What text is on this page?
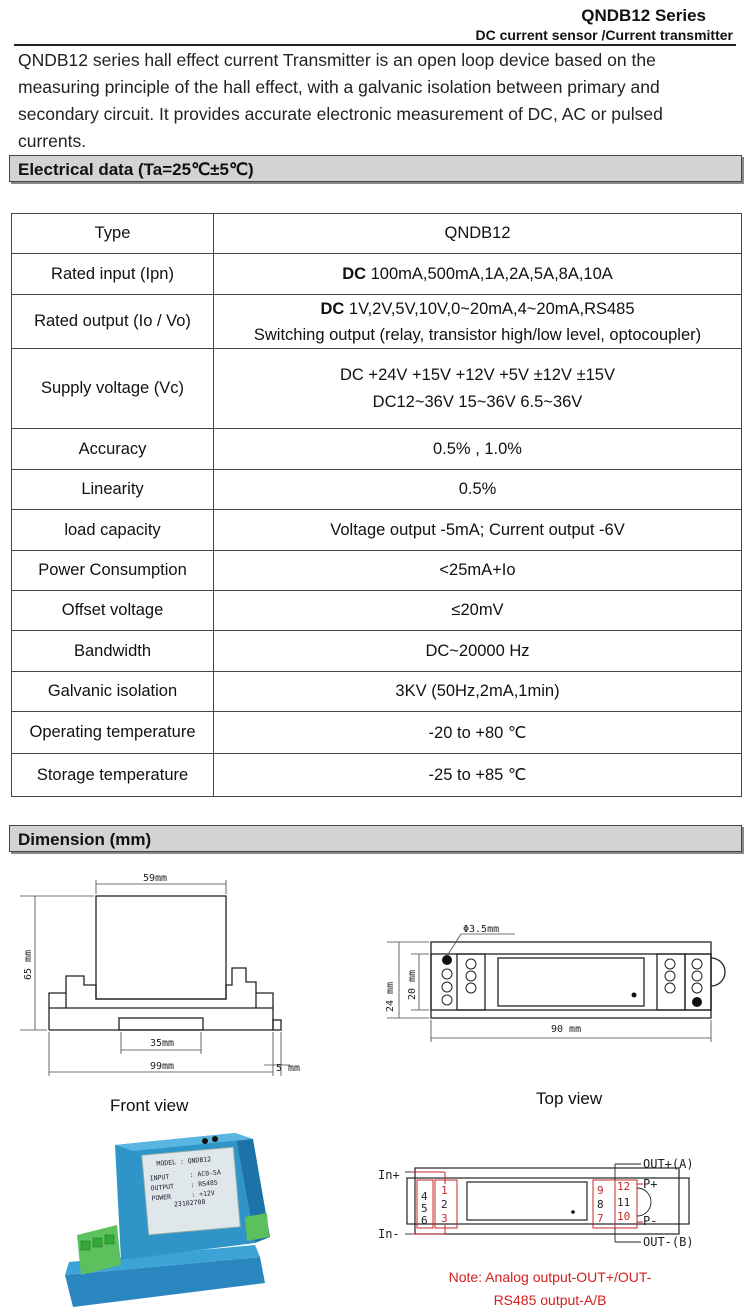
QNDB12 Series
DC current sensor /Current transmitter
QNDB12 series hall effect current Transmitter is an open loop device based on the measuring principle of the hall effect, with a galvanic isolation between primary and secondary circuit. It provides accurate electronic measurement of DC, AC or pulsed currents.
Electrical data (Ta=25℃±5℃)
Type	QNDB12
Rated input (Ipn)	DC 100mA,500mA,1A,2A,5A,8A,10A
Rated output (Io / Vo)	DC 1V,2V,5V,10V,0~20mA,4~20mA,RS485
Switching output (relay, transistor high/low level, optocoupler)
Supply voltage (Vc)	DC +24V +15V +12V +5V ±12V ±15V
DC12~36V 15~36V 6.5~36V
Accuracy	0.5% , 1.0%
Linearity	0.5%
load capacity	Voltage output -5mA; Current output -6V
Power Consumption	<25mA+Io
Offset voltage	≤20mV
Bandwidth	DC~20000 Hz
Galvanic isolation	3KV (50Hz,2mA,1min)
Operating temperature	-20 to +80 ℃
Storage temperature	-25 to +85 ℃
Dimension (mm)
59mm
65 mm
35mm
99mm	5 mm
Front view
Φ3.5mm
24 mm 20 mm
90 mm
Top view
MODEL : QNDB12
INPUT	: AC0-5A
OUTPUT : RS485
POWER	: +12V
23102708
4
5
6
1
2
3
9
8
7
12
11
10
In+
In-
OUT+(A)
P+
P-
OUT-(B)
Note: Analog output-OUT+/OUT-
RS485 output-A/B
